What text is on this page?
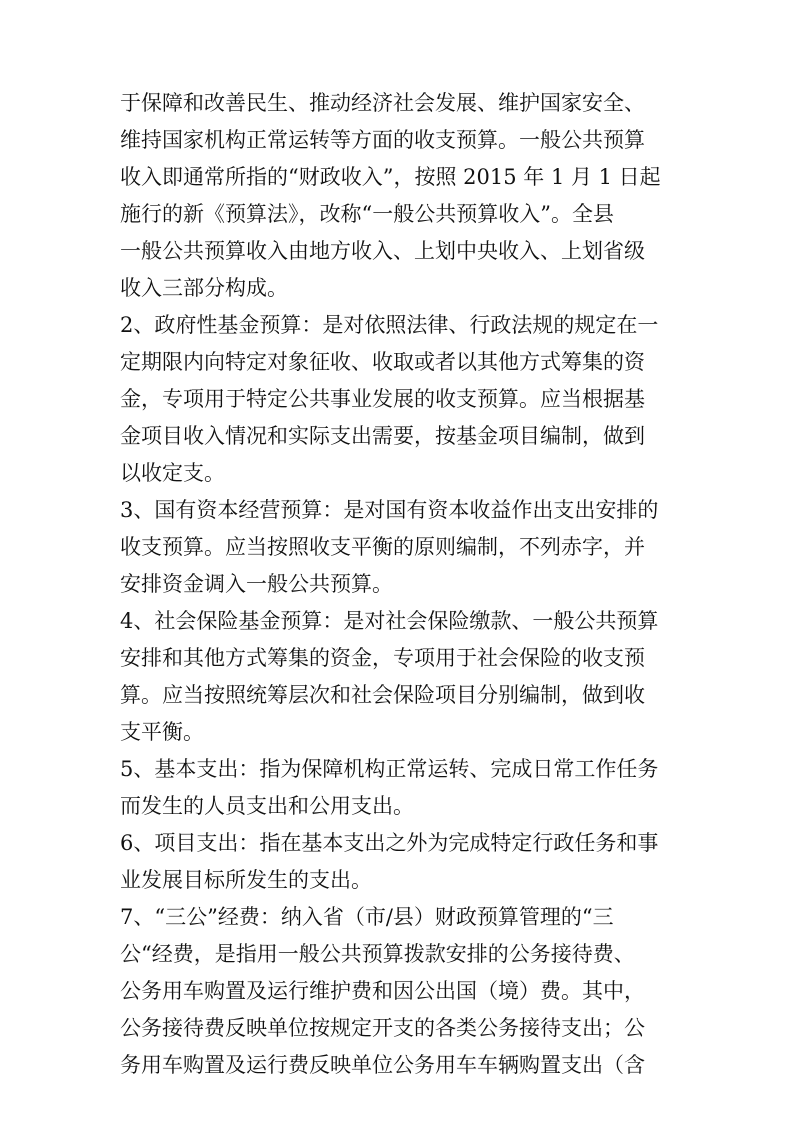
于保障和改善民生、推动经济社会发展、维护国家安全、
维持国家机构正常运转等方面的收支预算。一般公共预算
收入即通常所指的“财政收入”，按照 2015 年 1 月 1 日起
施行的新《预算法》，改称“一般公共预算收入”。全县
一般公共预算收入由地方收入、上划中央收入、上划省级
收入三部分构成。
2、政府性基金预算：是对依照法律、行政法规的规定在一
定期限内向特定对象征收、收取或者以其他方式筹集的资
金，专项用于特定公共事业发展的收支预算。应当根据基
金项目收入情况和实际支出需要，按基金项目编制，做到
以收定支。
3、国有资本经营预算：是对国有资本收益作出支出安排的
收支预算。应当按照收支平衡的原则编制，不列赤字，并
安排资金调入一般公共预算。
4、社会保险基金预算：是对社会保险缴款、一般公共预算
安排和其他方式筹集的资金，专项用于社会保险的收支预
算。应当按照统筹层次和社会保险项目分别编制，做到收
支平衡。
5、基本支出：指为保障机构正常运转、完成日常工作任务
而发生的人员支出和公用支出。
6、项目支出：指在基本支出之外为完成特定行政任务和事
业发展目标所发生的支出。
7、“三公”经费：纳入省（市/县）财政预算管理的“三
公“经费，是指用一般公共预算拨款安排的公务接待费、
公务用车购置及运行维护费和因公出国（境）费。其中，
公务接待费反映单位按规定开支的各类公务接待支出；公
务用车购置及运行费反映单位公务用车车辆购置支出（含
